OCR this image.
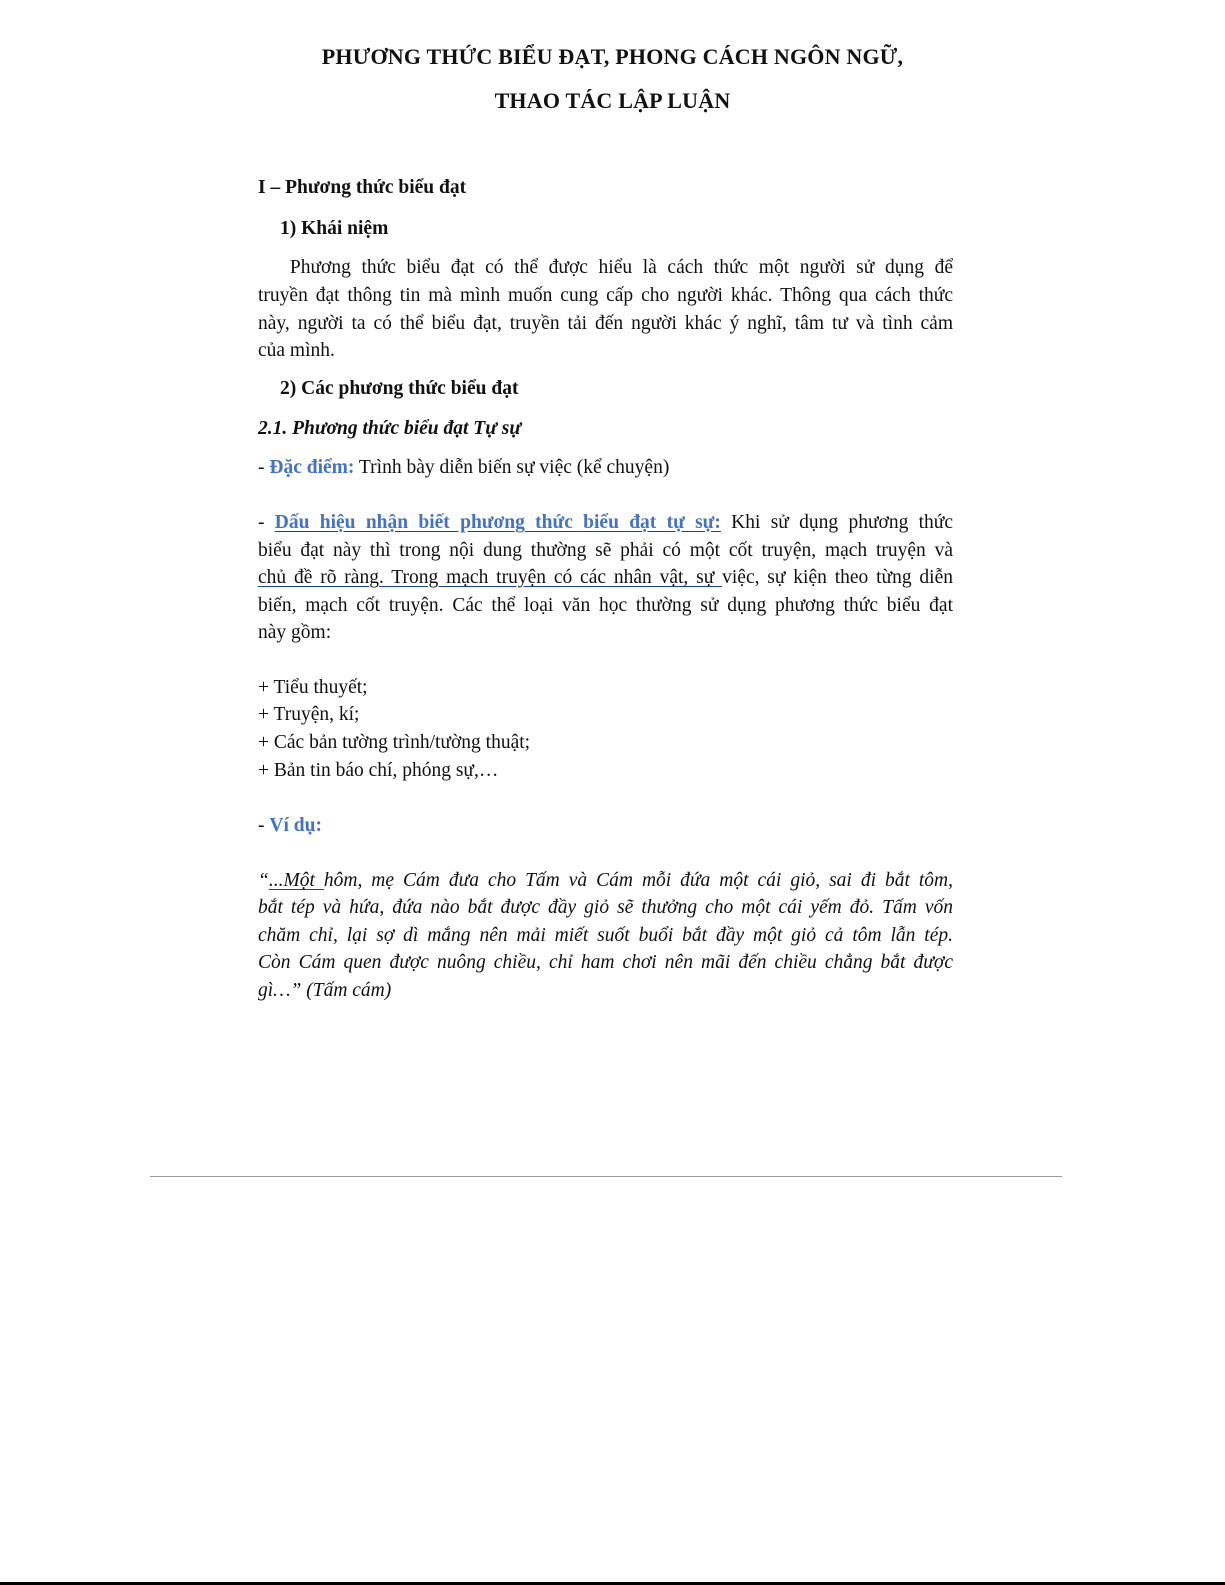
PHƯƠNG THỨC BIỂU ĐẠT, PHONG CÁCH NGÔN NGỮ,
THAO TÁC LẬP LUẬN
I – Phương thức biểu đạt
1) Khái niệm
Phương thức biểu đạt có thể được hiểu là cách thức một người sử dụng để
truyền đạt thông tin mà mình muốn cung cấp cho người khác. Thông qua cách thức
này, người ta có thể biểu đạt, truyền tải đến người khác ý nghĩ, tâm tư và tình cảm
của mình.
2) Các phương thức biểu đạt
2.1. Phương thức biểu đạt Tự sự
- Đặc điểm: Trình bày diễn biến sự việc (kể chuyện)
- Dấu hiệu nhận biết phương thức biểu đạt tự sự: Khi sử dụng phương thức
biểu đạt này thì trong nội dung thường sẽ phải có một cốt truyện, mạch truyện và
chủ đề rõ ràng. Trong mạch truyện có các nhân vật, sự việc, sự kiện theo từng diễn
biến, mạch cốt truyện. Các thể loại văn học thường sử dụng phương thức biểu đạt
này gồm:
+ Tiểu thuyết;
+ Truyện, kí;
+ Các bản tường trình/tường thuật;
+ Bản tin báo chí, phóng sự,…
- Ví dụ:
“...Một hôm, mẹ Cám đưa cho Tấm và Cám mỗi đứa một cái giỏ, sai đi bắt tôm,
bắt tép và hứa, đứa nào bắt được đầy giỏ sẽ thưởng cho một cái yếm đỏ. Tấm vốn
chăm chỉ, lại sợ dì mắng nên mải miết suốt buổi bắt đầy một giỏ cả tôm lẫn tép.
Còn Cám quen được nuông chiều, chỉ ham chơi nên mãi đến chiều chẳng bắt được
gì…” (Tấm cám)
